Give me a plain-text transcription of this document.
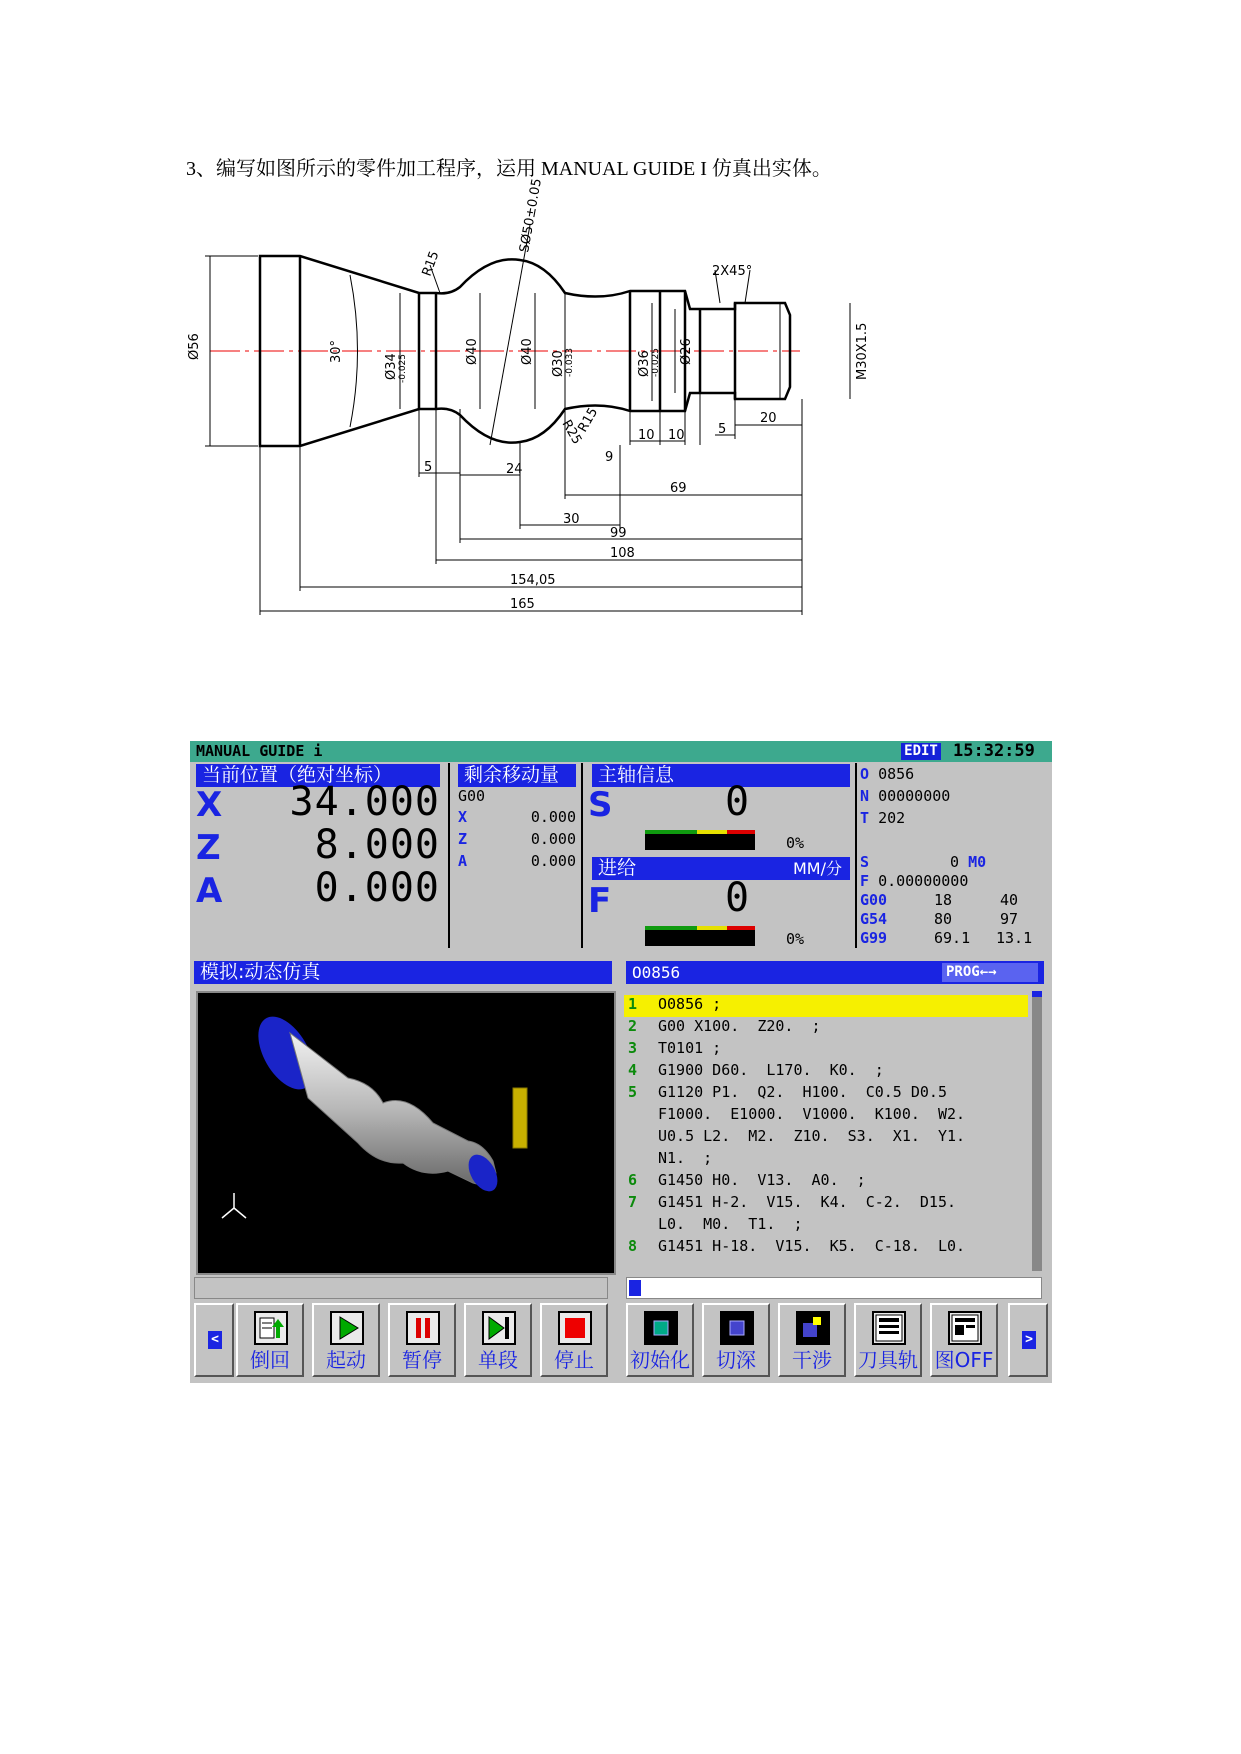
3、编写如图所示的零件加工程序，运用 MANUAL GUIDE I 仿真出实体。
Ø56	30°
Ø34 -0.025
Ø40	Ø40 Ø30 -0.033	Ø36 -0.025 Ø26	M30X1.5
R15
SØ50±0.05
2X45°
R25
R15
5	24
9
10 10	5
20
69
30
99
108
154,05
165
MANUAL GUIDE i	EDIT 15:32:59
当前位置（绝对坐标）
X	34.000
Z	8.000
A	0.000
剩余移动量
G00
X	0.000
Z	0.000
A	0.000
主轴信息
S	0
0%
进给	MM/分
F	0
0%
O 0856
N 00000000
T 202
S	0 M0
F 0.00000000
G00	18	40
G54	80	97
G99	69.1 13.1
模拟:动态仿真	O0856	PROG←→
1 O0856 ;
2 G00 X100.  Z20.  ;
3 T0101 ;
4 G1900 D60.  L170.  K0.  ;
5 G1120 P1.  Q2.  H100.  C0.5 D0.5
F1000.  E1000.  V1000.  K100.  W2.
U0.5 L2.  M2.  Z10.  S3.  X1.  Y1.
N1.  ;
6 G1450 H0.  V13.  A0.  ;
7 G1451 H-2.  V15.  K4.  C-2.  D15.
L0.  M0.  T1.  ;
8 G1451 H-18.  V15.  K5.  C-18.  L0.
<	>
倒回	起动	暂停	单段	停止	初始化	切深	干涉	刀具轨 图OFF
